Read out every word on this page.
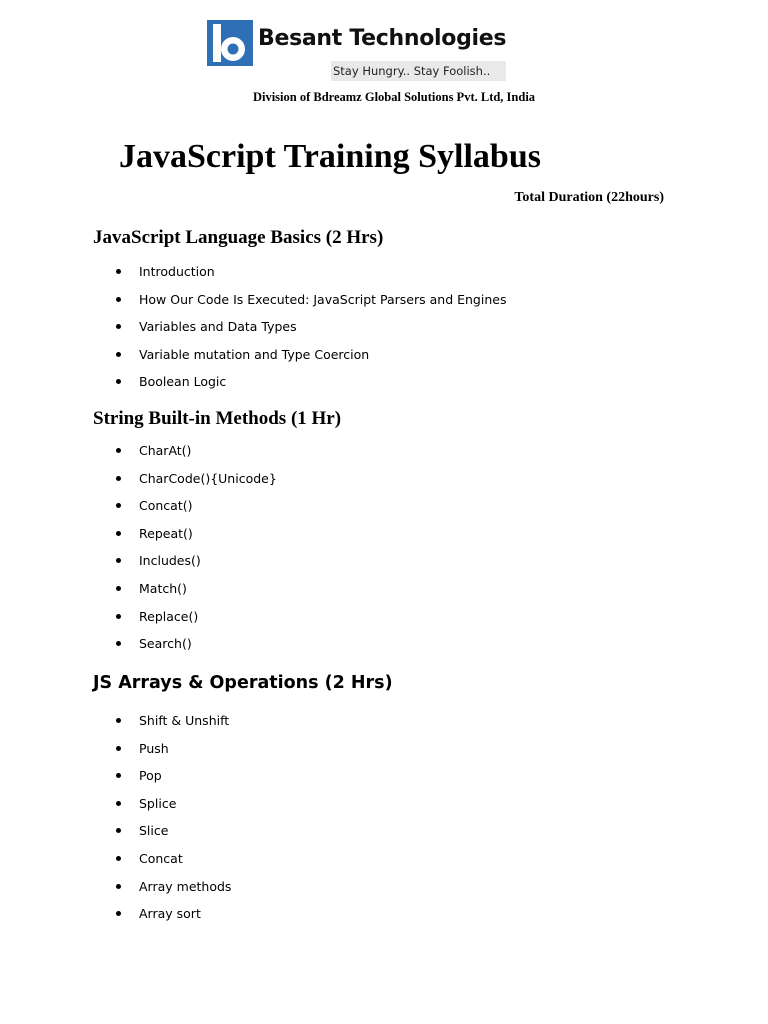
Besant Technologies
Stay Hungry.. Stay Foolish..
Division of Bdreamz Global Solutions Pvt. Ltd, India
JavaScript Training Syllabus
Total Duration (22hours)
JavaScript Language Basics (2 Hrs)
Introduction
How Our Code Is Executed: JavaScript Parsers and Engines
Variables and Data Types
Variable mutation and Type Coercion
Boolean Logic
String Built-in Methods (1 Hr)
CharAt()
CharCode(){Unicode}
Concat()
Repeat()
Includes()
Match()
Replace()
Search()
JS Arrays & Operations (2 Hrs)
Shift & Unshift
Push
Pop
Splice
Slice
Concat
Array methods
Array sort
